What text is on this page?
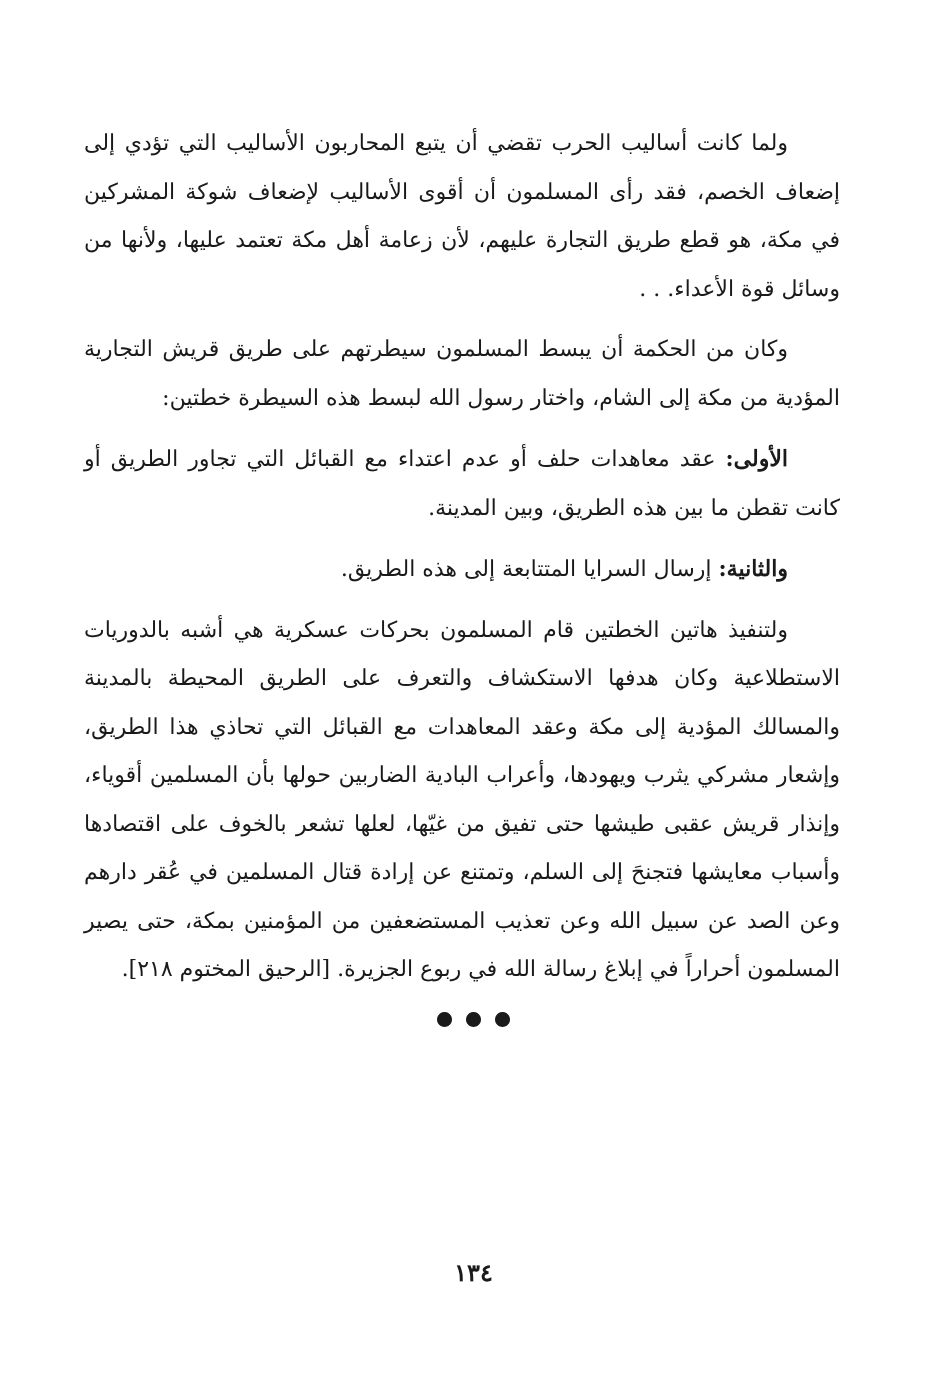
ولما كانت أساليب الحرب تقضي أن يتبع المحاربون الأساليب التي تؤدي إلى إضعاف الخصم، فقد رأى المسلمون أن أقوى الأساليب لإضعاف شوكة المشركين في مكة، هو قطع طريق التجارة عليهم، لأن زعامة أهل مكة تعتمد عليها، ولأنها من وسائل قوة الأعداء. . .

وكان من الحكمة أن يبسط المسلمون سيطرتهم على طريق قريش التجارية المؤدية من مكة إلى الشام، واختار رسول الله لبسط هذه السيطرة خطتين:

الأولى: عقد معاهدات حلف أو عدم اعتداء مع القبائل التي تجاور الطريق أو كانت تقطن ما بين هذه الطريق، وبين المدينة.

والثانية: إرسال السرايا المتتابعة إلى هذه الطريق.

ولتنفيذ هاتين الخطتين قام المسلمون بحركات عسكرية هي أشبه بالدوريات الاستطلاعية وكان هدفها الاستكشاف والتعرف على الطريق المحيطة بالمدينة والمسالك المؤدية إلى مكة وعقد المعاهدات مع القبائل التي تحاذي هذا الطريق، وإشعار مشركي يثرب ويهودها، وأعراب البادية الضاربين حولها بأن المسلمين أقوياء، وإنذار قريش عقبى طيشها حتى تفيق من غيّها، لعلها تشعر بالخوف على اقتصادها وأسباب معايشها فتجنحَ إلى السلم، وتمتنع عن إرادة قتال المسلمين في عُقر دارهم وعن الصد عن سبيل الله وعن تعذيب المستضعفين من المؤمنين بمكة، حتى يصير المسلمون أحراراً في إبلاغ رسالة الله في ربوع الجزيرة. [الرحيق المختوم ٢١٨].

١٣٤
